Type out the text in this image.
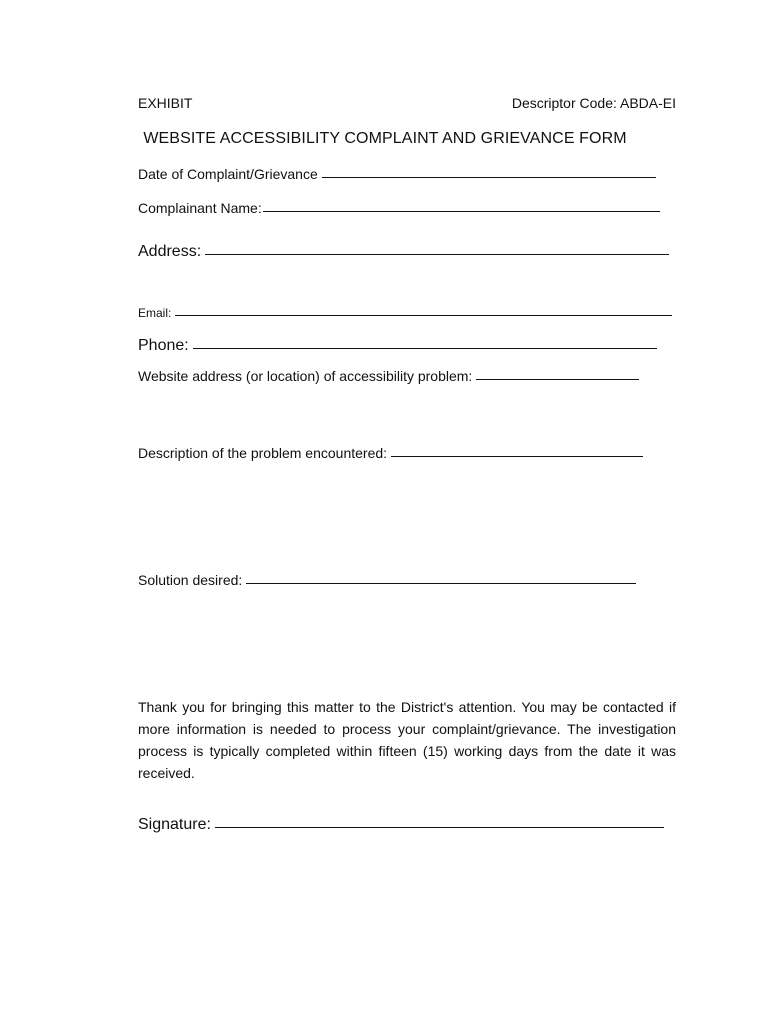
EXHIBIT	Descriptor Code: ABDA-EI
WEBSITE ACCESSIBILITY COMPLAINT AND GRIEVANCE FORM
Date of Complaint/Grievance
Complainant Name:
Address:
Email:
Phone:
Website address (or location) of accessibility problem:
Description of the problem encountered:
Solution desired:
Thank you for bringing this matter to the District's attention. You may be contacted if more information is needed to process your complaint/grievance. The investigation process is typically completed within fifteen (15) working days from the date it was received.
Signature:
